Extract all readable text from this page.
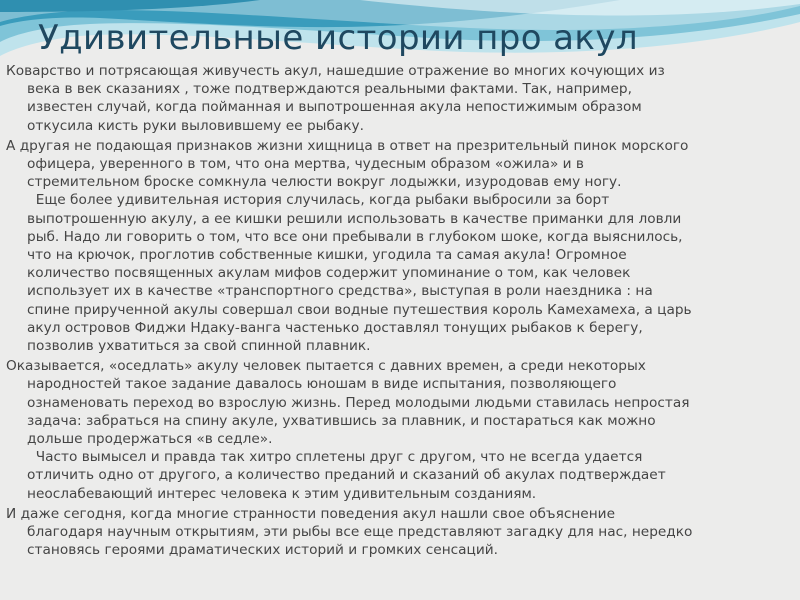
Удивительные истории про акул
Коварство и потрясающая живучесть акул, нашедшие отражение во многих кочующих из
века в век сказаниях , тоже подтверждаются реальными фактами. Так, например,
известен случай, когда пойманная и выпотрошенная акула непостижимым образом
откусила кисть руки выловившему ее рыбаку.
А другая не подающая признаков жизни хищница в ответ на презрительный пинок морского
офицера, уверенного в том, что она мертва, чудесным образом «ожила» и в
стремительном броске сомкнула челюсти вокруг лодыжки, изуродовав ему ногу.
Еще более удивительная история случилась, когда рыбаки выбросили за борт
выпотрошенную акулу, а ее кишки решили использовать в качестве приманки для ловли
рыб. Надо ли говорить о том, что все они пребывали в глубоком шоке, когда выяснилось,
что на крючок, проглотив собственные кишки, угодила та самая акула! Огромное
количество посвященных акулам мифов содержит упоминание о том, как человек
использует их в качестве «транспортного средства», выступая в роли наездника : на
спине прирученной акулы совершал свои водные путешествия король Камехамеха, а царь
акул островов Фиджи Ндаку-ванга частенько доставлял тонущих рыбаков к берегу,
позволив ухватиться за свой спинной плавник.
Оказывается, «оседлать» акулу человек пытается с давних времен, а среди некоторых
народностей такое задание давалось юношам в виде испытания, позволяющего
ознаменовать переход во взрослую жизнь. Перед молодыми людьми ставилась непростая
задача: забраться на спину акуле, ухватившись за плавник, и постараться как можно
дольше продержаться «в седле».
Часто вымысел и правда так хитро сплетены друг с другом, что не всегда удается
отличить одно от другого, а количество преданий и сказаний об акулах подтверждает
неослабевающий интерес человека к этим удивительным созданиям.
И даже сегодня, когда многие странности поведения акул нашли свое объяснение
благодаря научным открытиям, эти рыбы все еще представляют загадку для нас, нередко
становясь героями драматических историй и громких сенсаций.
